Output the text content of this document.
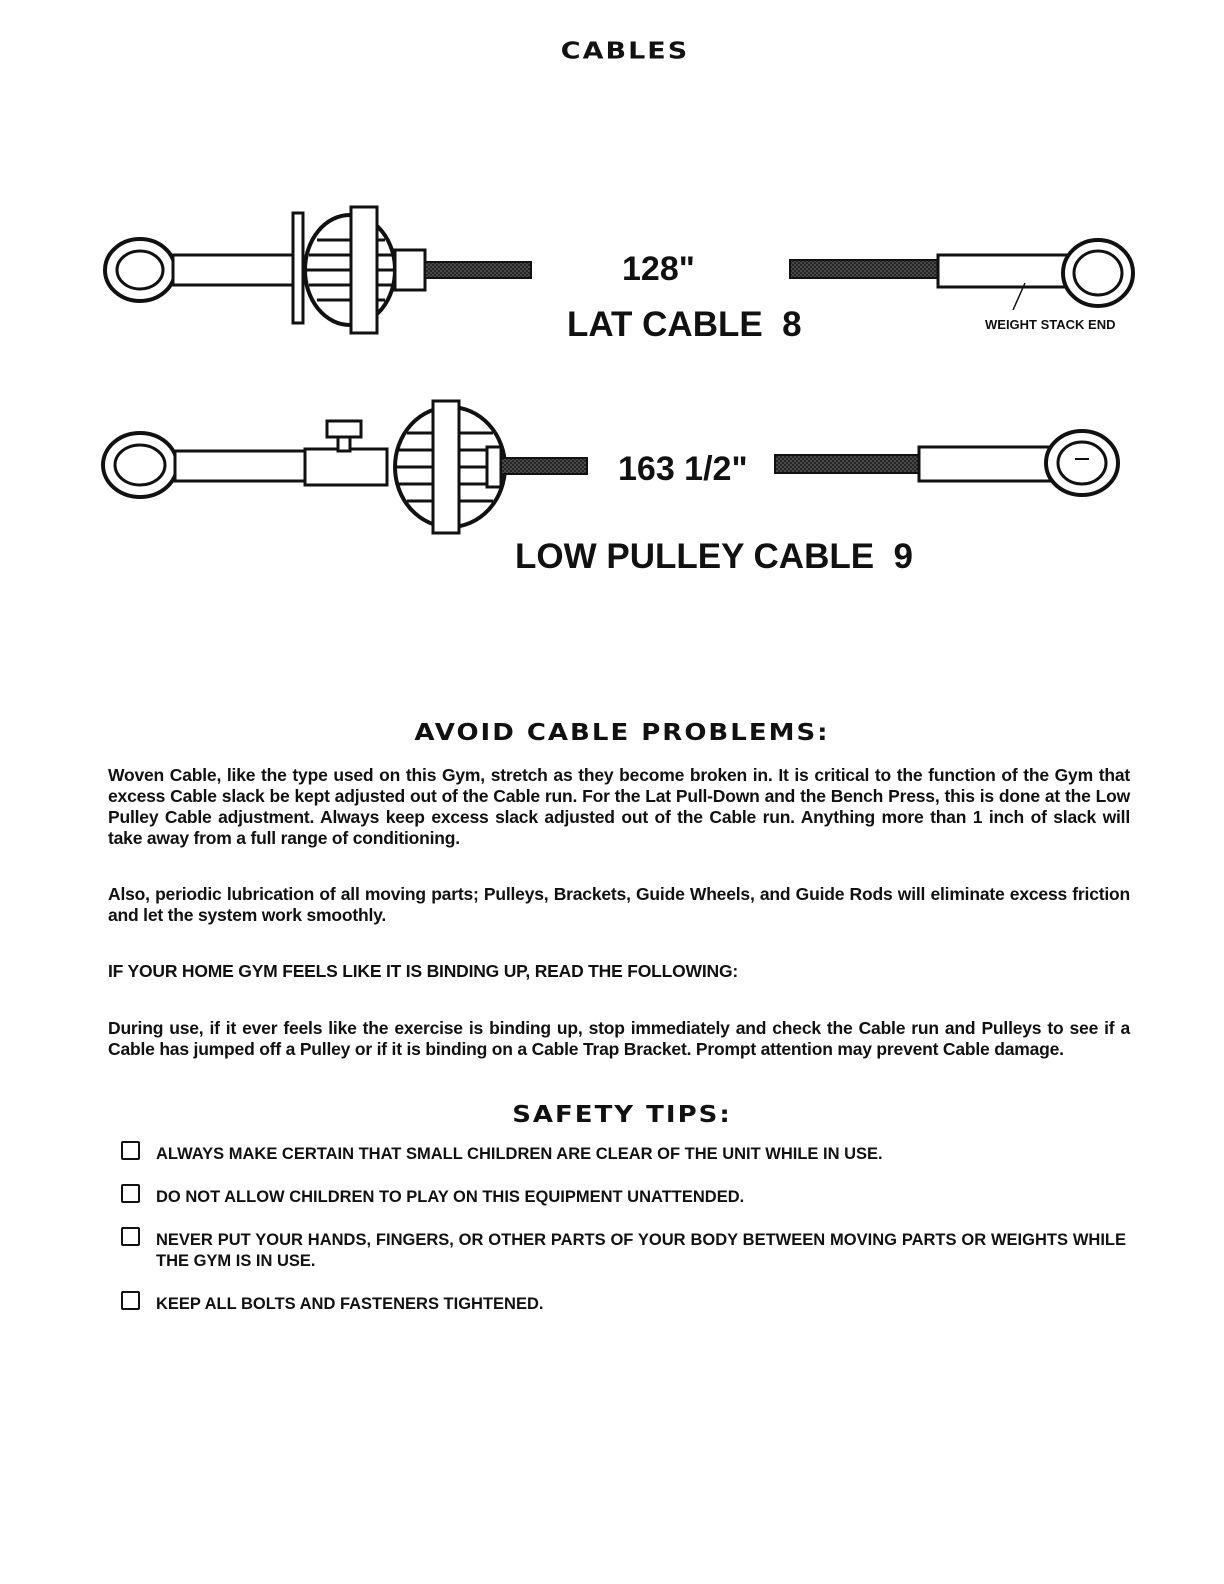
CABLES
128"
LAT CABLE  8	WEIGHT STACK END
163 1/2"
LOW PULLEY CABLE  9
AVOID CABLE PROBLEMS:
Woven Cable, like the type used on this Gym, stretch as they become broken in. It is critical to the function of the Gym that excess Cable slack be kept adjusted out of the Cable run. For the Lat Pull-Down and the Bench Press, this is done at the Low Pulley Cable adjustment. Always keep excess slack adjusted out of the Cable run. Anything more than 1 inch of slack will take away from a full range of conditioning.
Also, periodic lubrication of all moving parts; Pulleys, Brackets, Guide Wheels, and Guide Rods will eliminate excess friction and let the system work smoothly.
IF YOUR HOME GYM FEELS LIKE IT IS BINDING UP, READ THE FOLLOWING:
During use, if it ever feels like the exercise is binding up, stop immediately and check the Cable run and Pulleys to see if a Cable has jumped off a Pulley or if it is binding on a Cable Trap Bracket. Prompt attention may prevent Cable damage.
SAFETY TIPS:
ALWAYS MAKE CERTAIN THAT SMALL CHILDREN ARE CLEAR OF THE UNIT WHILE IN USE.
DO NOT ALLOW CHILDREN TO PLAY ON THIS EQUIPMENT UNATTENDED.
NEVER PUT YOUR HANDS, FINGERS, OR OTHER PARTS OF YOUR BODY BETWEEN MOVING PARTS OR WEIGHTS WHILE THE GYM IS IN USE.
KEEP ALL BOLTS AND FASTENERS TIGHTENED.
